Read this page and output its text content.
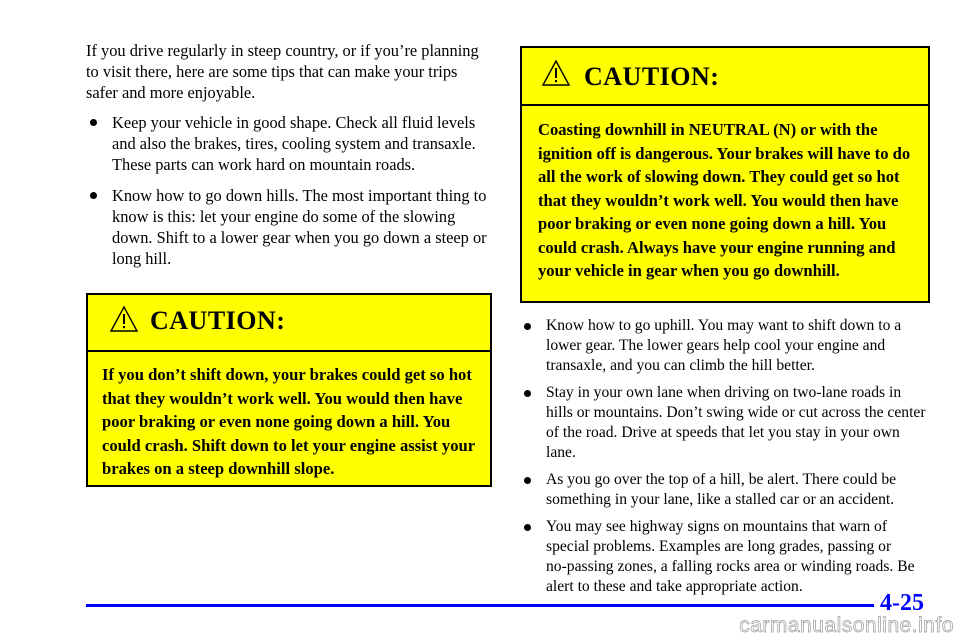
If you drive regularly in steep country, or if you’re planning to visit there, here are some tips that can make your trips safer and more enjoyable.

Keep your vehicle in good shape. Check all fluid levels and also the brakes, tires, cooling system and transaxle. These parts can work hard on mountain roads.
Know how to go down hills. The most important thing to know is this: let your engine do some of the slowing down. Shift to a lower gear when you go down a steep or long hill.
CAUTION:
If you don’t shift down, your brakes could get so hot that they wouldn’t work well. You would then have poor braking or even none going down a hill. You could crash. Shift down to let your engine assist your brakes on a steep downhill slope.
CAUTION:
Coasting downhill in NEUTRAL (N) or with the ignition off is dangerous. Your brakes will have to do all the work of slowing down. They could get so hot that they wouldn’t work well. You would then have poor braking or even none going down a hill. You could crash. Always have your engine running and your vehicle in gear when you go downhill.
Know how to go uphill. You may want to shift down to a lower gear. The lower gears help cool your engine and transaxle, and you can climb the hill better.
Stay in your own lane when driving on two‑lane roads in hills or mountains. Don’t swing wide or cut across the center of the road. Drive at speeds that let you stay in your own lane.
As you go over the top of a hill, be alert. There could be something in your lane, like a stalled car or an accident.
You may see highway signs on mountains that warn of special problems. Examples are long grades, passing or no‑passing zones, a falling rocks area or winding roads. Be alert to these and take appropriate action.
4-25
carmanualsonline.info
